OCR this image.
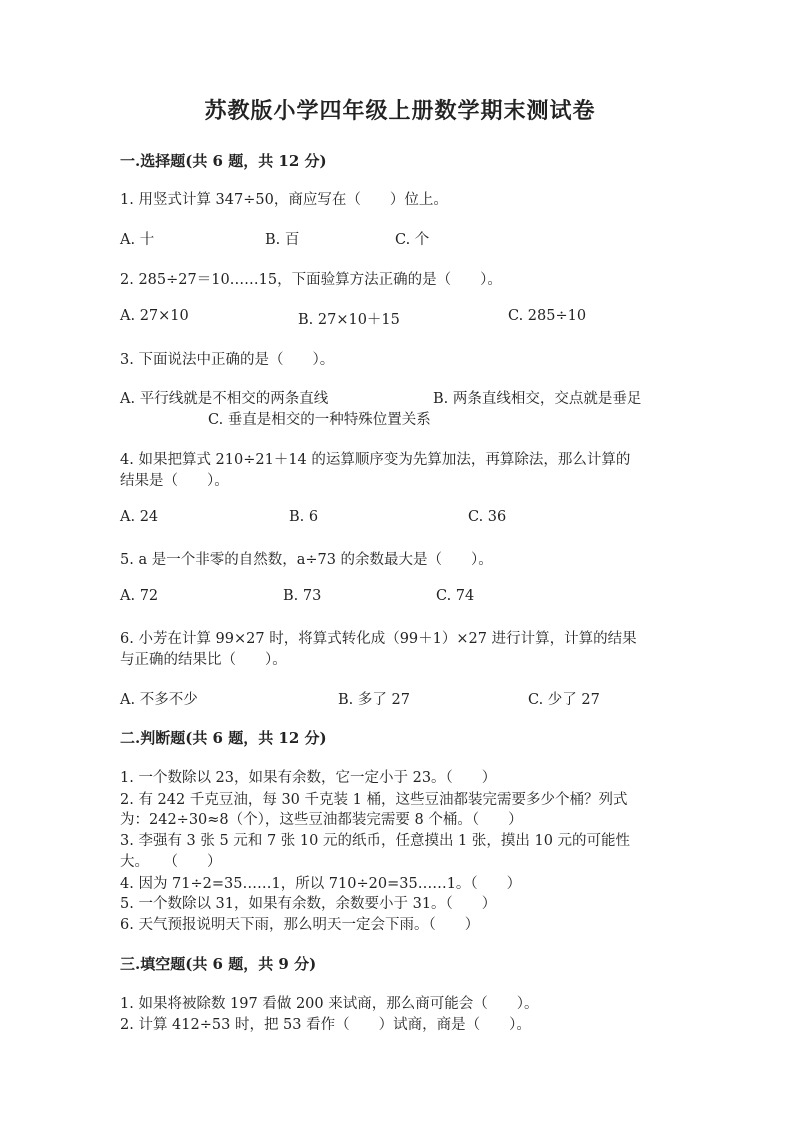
苏教版小学四年级上册数学期末测试卷
一.选择题(共 6 题，共 12 分)
1. 用竖式计算 347÷50，商应写在（　　）位上。
A. 十	B. 百	C. 个
2. 285÷27＝10……15，下面验算方法正确的是（　　）。
A. 27×10	B. 27×10＋15	C. 285÷10
3. 下面说法中正确的是（　　）。
A. 平行线就是不相交的两条直线	B. 两条直线相交，交点就是垂足
C. 垂直是相交的一种特殊位置关系
4. 如果把算式 210÷21＋14 的运算顺序变为先算加法，再算除法，那么计算的
结果是（　　）。
A. 24	B. 6	C. 36
5. a 是一个非零的自然数，a÷73 的余数最大是（　　）。
A. 72	B. 73	C. 74
6. 小芳在计算 99×27 时，将算式转化成（99＋1）×27 进行计算，计算的结果
与正确的结果比（　　）。
A. 不多不少	B. 多了 27	C. 少了 27
二.判断题(共 6 题，共 12 分)
1. 一个数除以 23，如果有余数，它一定小于 23。（　　）
2. 有 242 千克豆油，每 30 千克装 1 桶，这些豆油都装完需要多少个桶？列式
为：242÷30≈8（个），这些豆油都装完需要 8 个桶。（　　）
3. 李强有 3 张 5 元和 7 张 10 元的纸币，任意摸出 1 张，摸出 10 元的可能性
大。　　（　　）
4. 因为 71÷2=35……1，所以 710÷20=35……1。（　　）
5. 一个数除以 31，如果有余数，余数要小于 31。（　　）
6. 天气预报说明天下雨，那么明天一定会下雨。（　　）
三.填空题(共 6 题，共 9 分)
1. 如果将被除数 197 看做 200 来试商，那么商可能会（　　）。
2. 计算 412÷53 时，把 53 看作（　　）试商，商是（　　）。
